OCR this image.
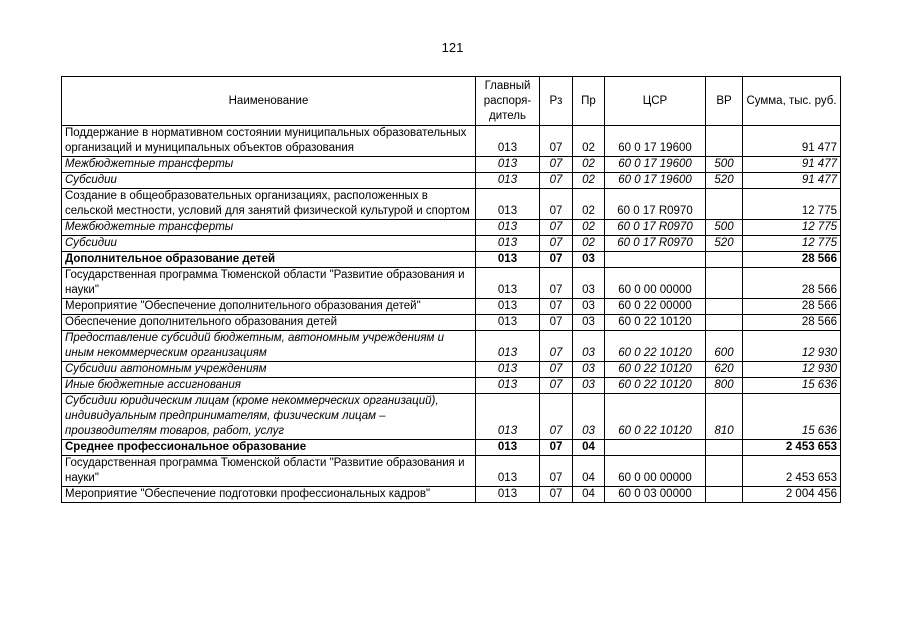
121
Наименование	Главный распоря-дитель	Рз	Пр	ЦСР	ВР	Сумма, тыс. руб.
Поддержание в нормативном состоянии муниципальных образовательных организаций и муниципальных объектов образования	013	07	02	60 0 17 19600		91 477
Межбюджетные трансферты	013	07	02	60 0 17 19600	500	91 477
Субсидии	013	07	02	60 0 17 19600	520	91 477
Создание в общеобразовательных организациях, расположенных в сельской местности, условий для занятий физической культурой и спортом	013	07	02	60 0 17 R0970		12 775
Межбюджетные трансферты	013	07	02	60 0 17 R0970	500	12 775
Субсидии	013	07	02	60 0 17 R0970	520	12 775
Дополнительное образование детей	013	07	03			28 566
Государственная программа Тюменской области "Развитие образования и науки"	013	07	03	60 0 00 00000		28 566
Мероприятие "Обеспечение дополнительного образования детей"	013	07	03	60 0 22 00000		28 566
Обеспечение дополнительного образования детей	013	07	03	60 0 22 10120		28 566
Предоставление субсидий бюджетным, автономным учреждениям и иным некоммерческим организациям	013	07	03	60 0 22 10120	600	12 930
Субсидии автономным учреждениям	013	07	03	60 0 22 10120	620	12 930
Иные бюджетные ассигнования	013	07	03	60 0 22 10120	800	15 636
Субсидии юридическим лицам (кроме некоммерческих организаций), индивидуальным предпринимателям, физическим лицам – производителям товаров, работ, услуг	013	07	03	60 0 22 10120	810	15 636
Среднее профессиональное образование	013	07	04			2 453 653
Государственная программа Тюменской области "Развитие образования и науки"	013	07	04	60 0 00 00000		2 453 653
Мероприятие "Обеспечение подготовки профессиональных кадров"	013	07	04	60 0 03 00000		2 004 456
